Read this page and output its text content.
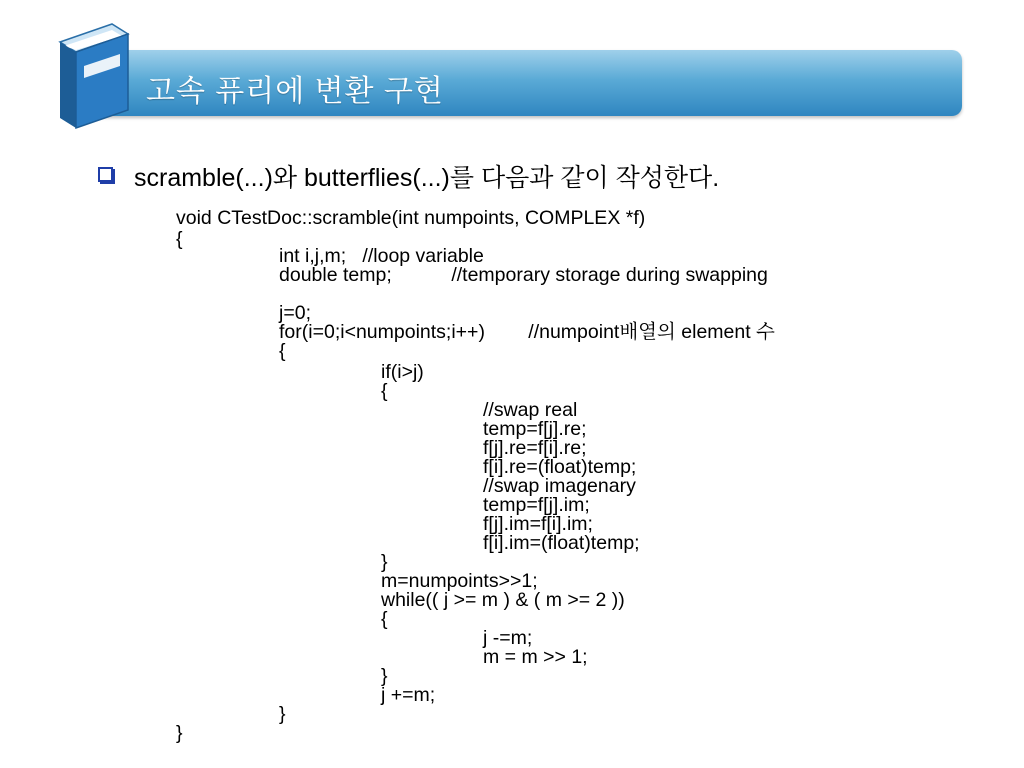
고속 퓨리에 변환 구현
scramble(...)와 butterflies(...)를 다음과 같이 작성한다.
void CTestDoc::scramble(int numpoints, COMPLEX *f)
{
int i,j,m;   //loop variable
double temp;           //temporary storage during swapping
j=0;
for(i=0;i<numpoints;i++)        //numpoint배열의 element 수
{
if(i>j)
{
//swap real
temp=f[j].re;
f[j].re=f[i].re;
f[i].re=(float)temp;
//swap imagenary
temp=f[j].im;
f[j].im=f[i].im;
f[i].im=(float)temp;
}
m=numpoints>>1;
while(( j >= m ) & ( m >= 2 ))
{
j -=m;
m = m >> 1;
}
j +=m;
}
}
